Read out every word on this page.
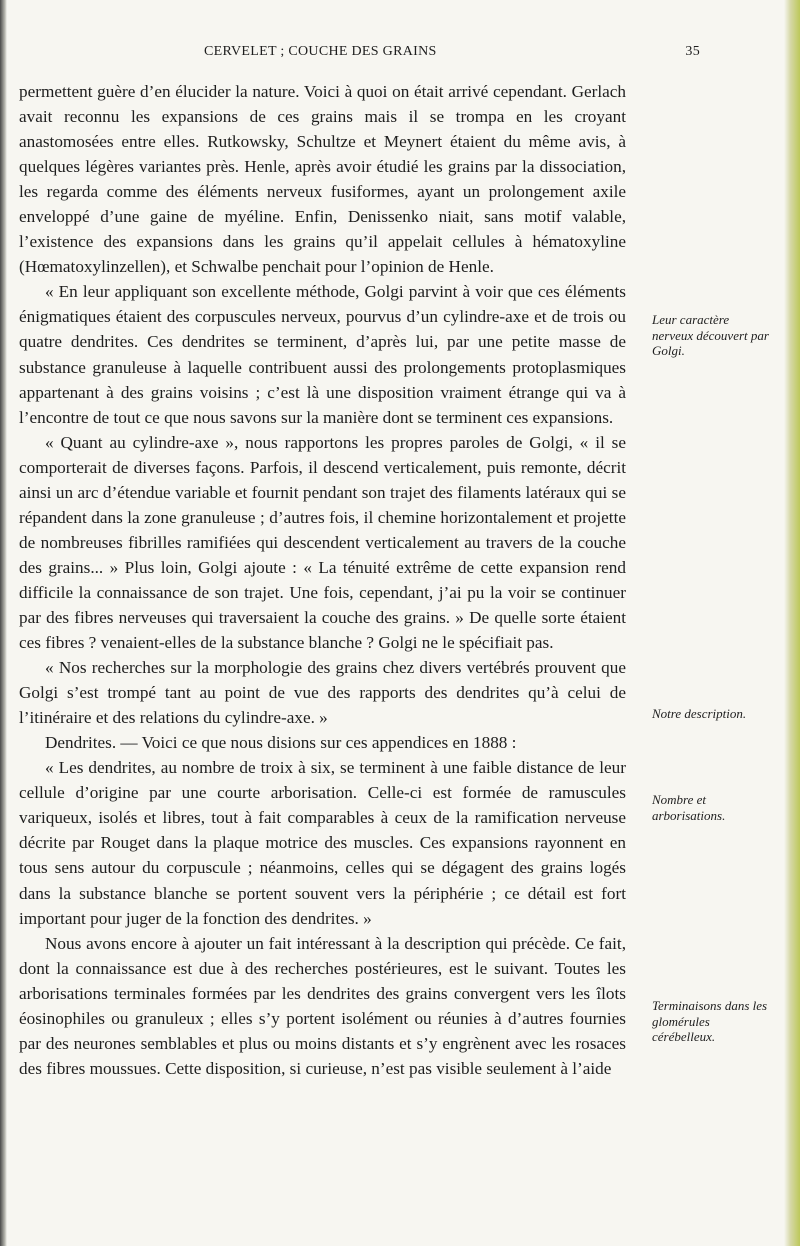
CERVELET ; COUCHE DES GRAINS	35

permettent guère d’en élucider la nature. Voici à quoi on était arrivé cependant. Gerlach avait reconnu les expansions de ces grains mais il se trompa en les croyant anastomosées entre elles. Rutkowsky, Schultze et Meynert étaient du même avis, à quelques légères variantes près. Henle, après avoir étudié les grains par la dissociation, les regarda comme des éléments nerveux fusiformes, ayant un prolongement axile enveloppé d’une gaine de myéline. Enfin, Denissenko niait, sans motif valable, l’existence des expansions dans les grains qu’il appelait cellules à hématoxyline (Hœmatoxylinzellen), et Schwalbe penchait pour l’opinion de Henle.

« En leur appliquant son excellente méthode, Golgi parvint à voir que ces éléments énigmatiques étaient des corpuscules nerveux, pourvus d’un cylindre-axe et de trois ou quatre dendrites. Ces dendrites se terminent, d’après lui, par une petite masse de substance granuleuse à laquelle contribuent aussi des prolongements protoplasmiques appartenant à des grains voisins ; c’est là une disposition vraiment étrange qui va à l’encontre de tout ce que nous savons sur la manière dont se terminent ces expansions.

« Quant au cylindre-axe », nous rapportons les propres paroles de Golgi, « il se comporterait de diverses façons. Parfois, il descend verticalement, puis remonte, décrit ainsi un arc d’étendue variable et fournit pendant son trajet des filaments latéraux qui se répandent dans la zone granuleuse ; d’autres fois, il chemine horizontalement et projette de nombreuses fibrilles ramifiées qui descendent verticalement au travers de la couche des grains... » Plus loin, Golgi ajoute : « La ténuité extrême de cette expansion rend difficile la connaissance de son trajet. Une fois, cependant, j’ai pu la voir se continuer par des fibres nerveuses qui traversaient la couche des grains. » De quelle sorte étaient ces fibres ? venaient-elles de la substance blanche ? Golgi ne le spécifiait pas.

« Nos recherches sur la morphologie des grains chez divers vertébrés prouvent que Golgi s’est trompé tant au point de vue des rapports des dendrites qu’à celui de l’itinéraire et des relations du cylindre-axe. »

Dendrites. — Voici ce que nous disions sur ces appendices en 1888 :

« Les dendrites, au nombre de troix à six, se terminent à une faible distance de leur cellule d’origine par une courte arborisation. Celle-ci est formée de ramuscules variqueux, isolés et libres, tout à fait comparables à ceux de la ramification nerveuse décrite par Rouget dans la plaque motrice des muscles. Ces expansions rayonnent en tous sens autour du corpuscule ; néanmoins, celles qui se dégagent des grains logés dans la substance blanche se portent souvent vers la périphérie ; ce détail est fort important pour juger de la fonction des dendrites. »

Nous avons encore à ajouter un fait intéressant à la description qui précède. Ce fait, dont la connaissance est due à des recherches postérieures, est le suivant. Toutes les arborisations terminales formées par les dendrites des grains convergent vers les îlots éosinophiles ou granuleux ; elles s’y portent isolément ou réunies à d’autres fournies par des neurones semblables et plus ou moins distants et s’y engrènent avec les rosaces des fibres moussues. Cette disposition, si curieuse, n’est pas visible seulement à l’aide

Leur caractère nerveux découvert par Golgi.
Notre description.
Nombre et arborisations.
Terminaisons dans les glomérules cérébelleux.
